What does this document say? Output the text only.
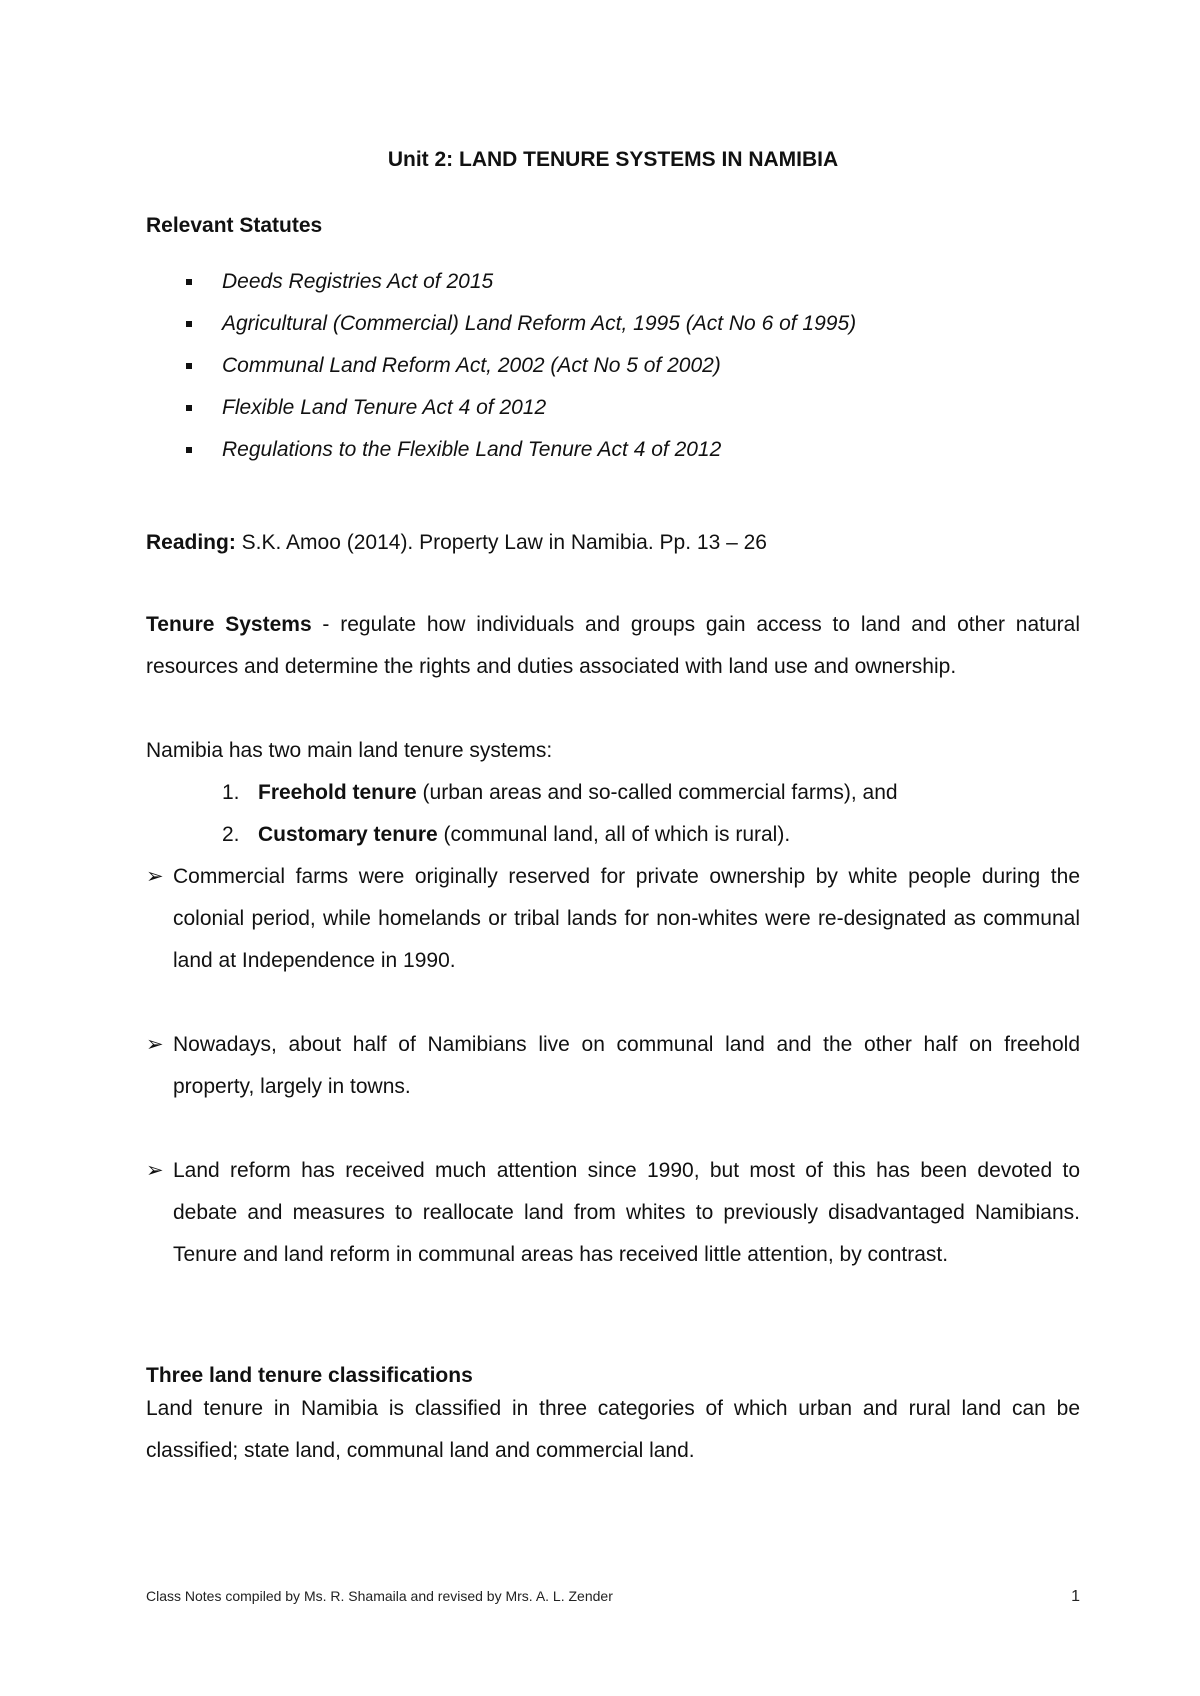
Unit 2: LAND TENURE SYSTEMS IN NAMIBIA
Relevant Statutes
Deeds Registries Act of 2015
Agricultural (Commercial) Land Reform Act, 1995 (Act No 6 of 1995)
Communal Land Reform Act, 2002 (Act No 5 of 2002)
Flexible Land Tenure Act 4 of 2012
Regulations to the Flexible Land Tenure Act 4 of 2012
Reading: S.K. Amoo (2014). Property Law in Namibia. Pp. 13 – 26
Tenure Systems - regulate how individuals and groups gain access to land and other natural resources and determine the rights and duties associated with land use and ownership.
Namibia has two main land tenure systems:
1. Freehold tenure (urban areas and so-called commercial farms), and
2. Customary tenure (communal land, all of which is rural).
➢ Commercial farms were originally reserved for private ownership by white people during the colonial period, while homelands or tribal lands for non-whites were re-designated as communal land at Independence in 1990.
➢ Nowadays, about half of Namibians live on communal land and the other half on freehold property, largely in towns.
➢ Land reform has received much attention since 1990, but most of this has been devoted to debate and measures to reallocate land from whites to previously disadvantaged Namibians. Tenure and land reform in communal areas has received little attention, by contrast.
Three land tenure classifications
Land tenure in Namibia is classified in three categories of which urban and rural land can be classified; state land, communal land and commercial land.
Class Notes compiled by Ms. R. Shamaila and revised by Mrs. A. L. Zender	1
